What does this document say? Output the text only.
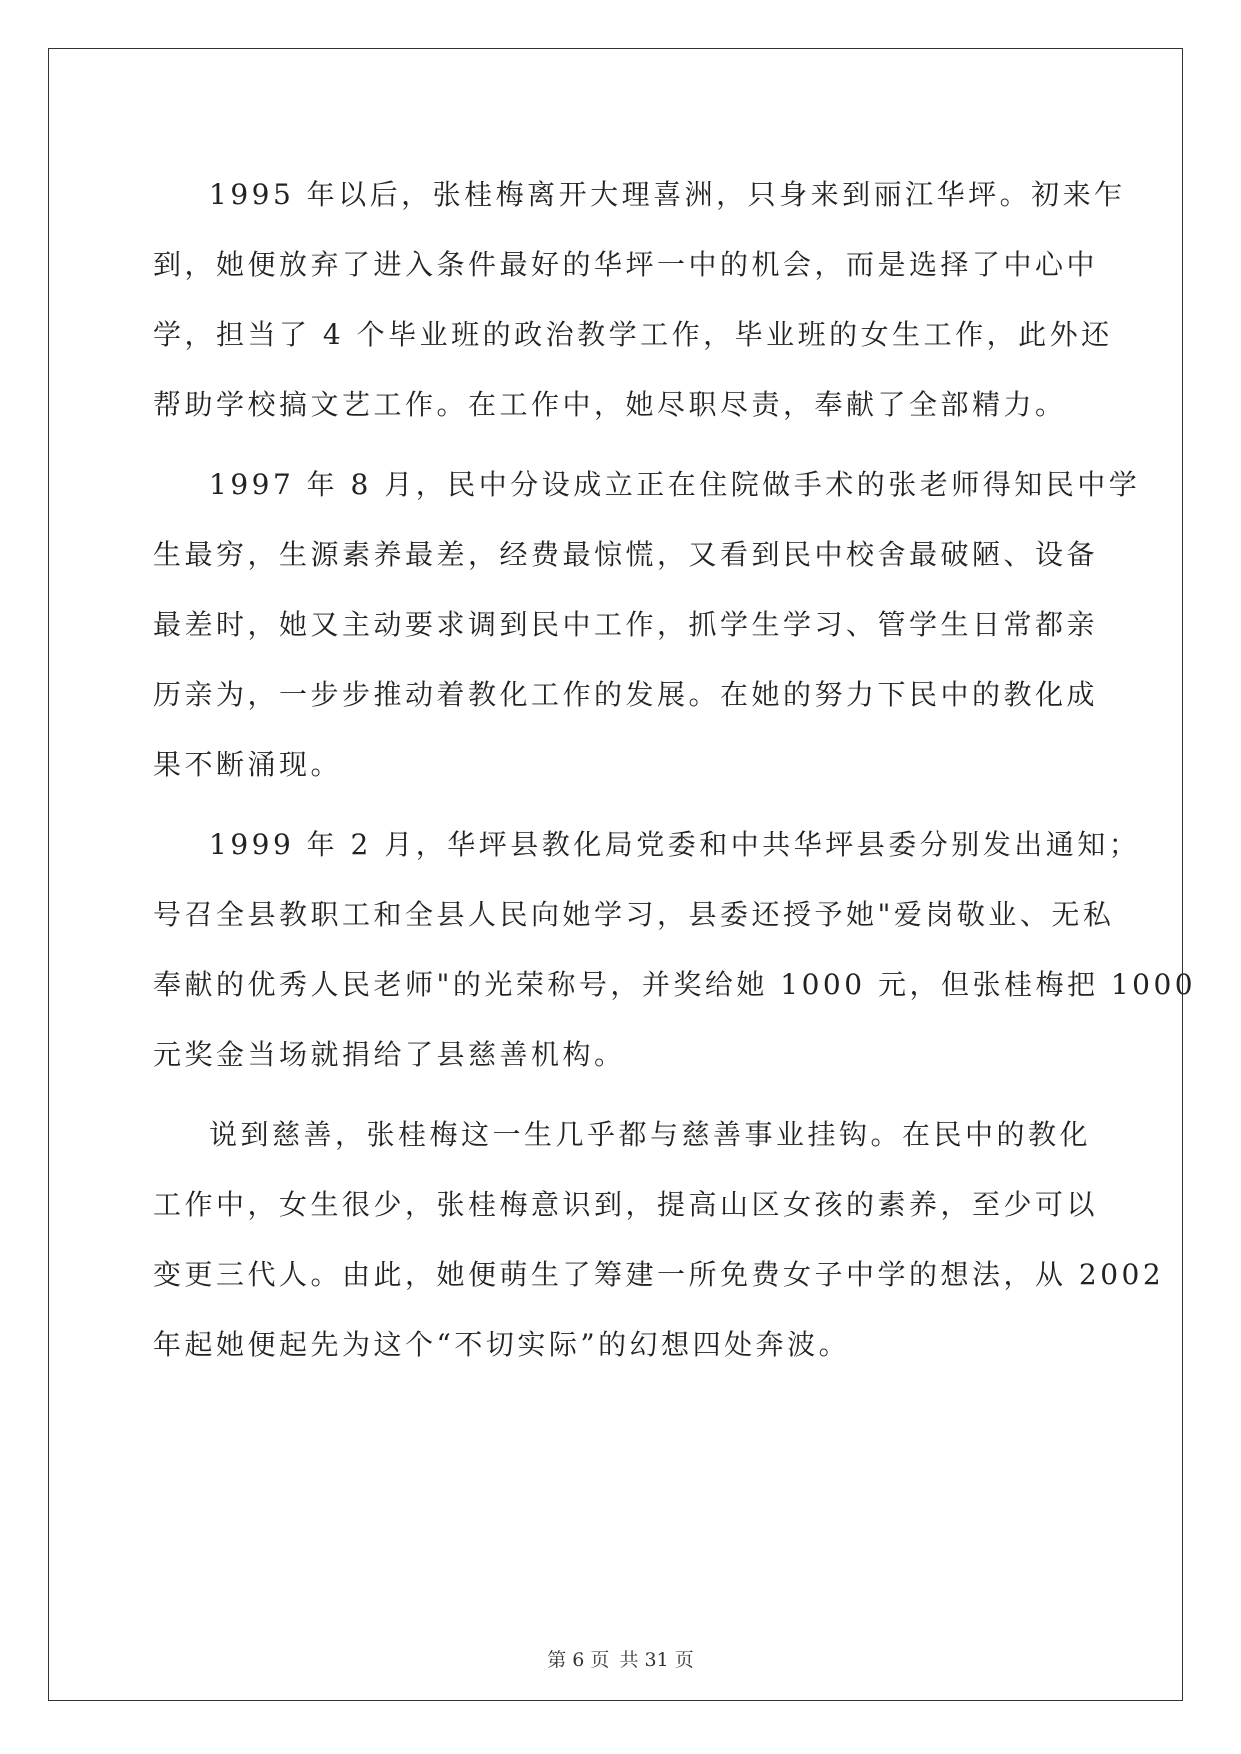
1995 年以后，张桂梅离开大理喜洲，只身来到丽江华坪。初来乍
到，她便放弃了进入条件最好的华坪一中的机会，而是选择了中心中
学，担当了 4 个毕业班的政治教学工作，毕业班的女生工作，此外还
帮助学校搞文艺工作。在工作中，她尽职尽责，奉献了全部精力。
1997 年 8 月，民中分设成立正在住院做手术的张老师得知民中学
生最穷，生源素养最差，经费最惊慌，又看到民中校舍最破陋、设备
最差时，她又主动要求调到民中工作，抓学生学习、管学生日常都亲
历亲为，一步步推动着教化工作的发展。在她的努力下民中的教化成
果不断涌现。
1999 年 2 月，华坪县教化局党委和中共华坪县委分别发出通知；
号召全县教职工和全县人民向她学习，县委还授予她"爱岗敬业、无私
奉献的优秀人民老师"的光荣称号，并奖给她 1000 元，但张桂梅把 1000
元奖金当场就捐给了县慈善机构。
说到慈善，张桂梅这一生几乎都与慈善事业挂钩。在民中的教化
工作中，女生很少，张桂梅意识到，提高山区女孩的素养，至少可以
变更三代人。由此，她便萌生了筹建一所免费女子中学的想法，从 2002
年起她便起先为这个“不切实际”的幻想四处奔波。
第 6 页 共 31 页
